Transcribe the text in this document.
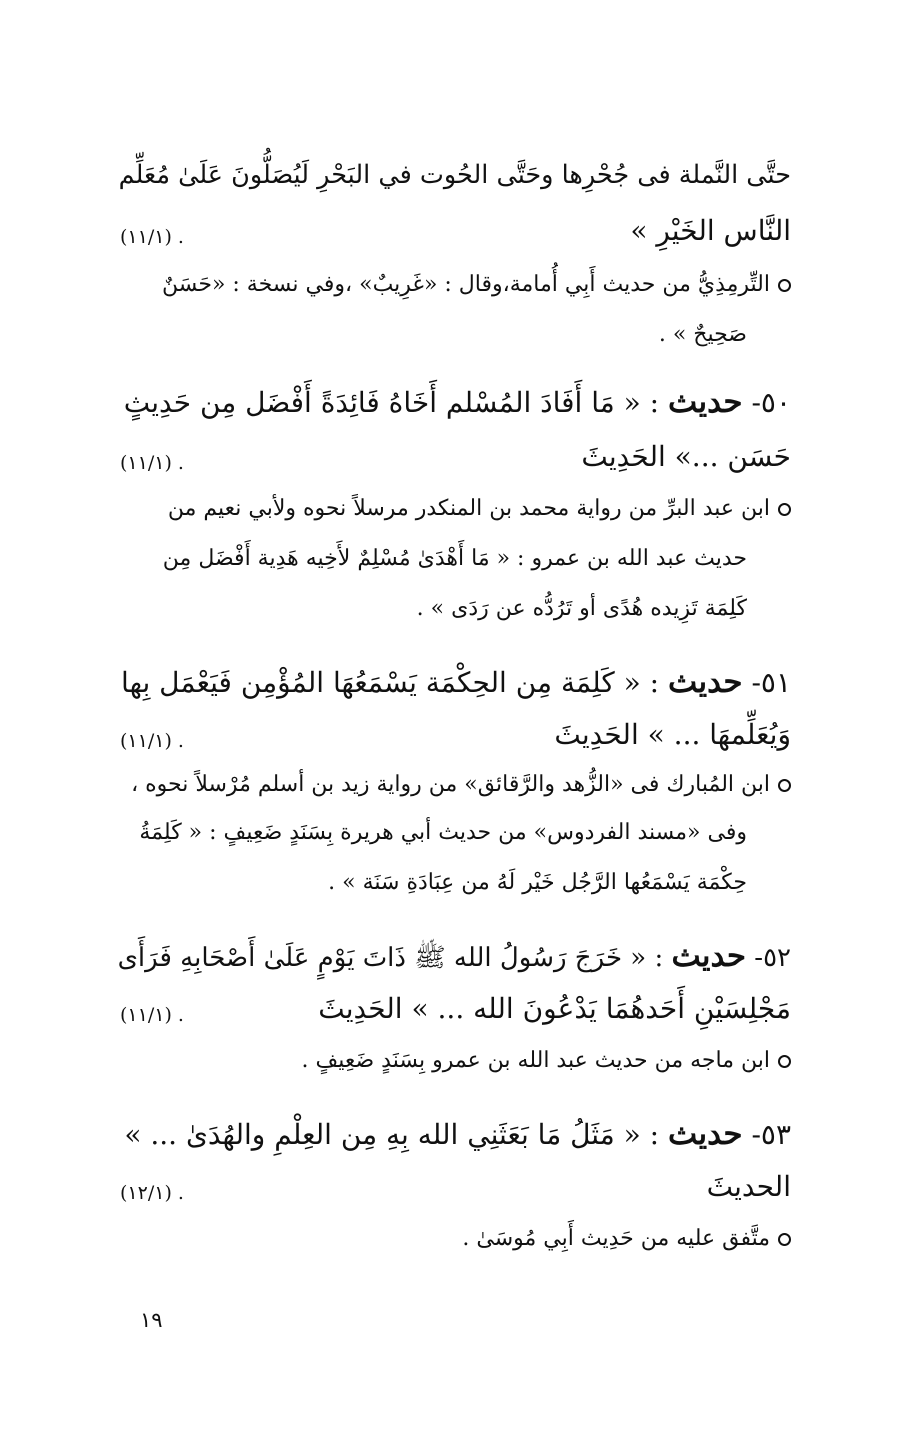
حتَّى النَّملة فى جُحْرِها وحَتَّى الحُوت في البَحْرِ لَيُصَلُّونَ عَلَىٰ مُعَلِّم
النَّاس الخَيْرِ »
(١١/١) .
التِّرمِذِيُّ من حديث أَبِي أُمامة،وقال : «غَرِيبٌ» ،وفي نسخة : «حَسَنٌ
صَحِيحٌ » .
٥٠- حديث : « مَا أَفَادَ المُسْلم أَخَاهُ فَائِدَةً أَفْضَل مِن حَدِيثٍ
حَسَن ...» الحَدِيثَ
(١١/١) .
ابن عبد البرِّ من رواية محمد بن المنكدر مرسلاً نحوه ولأبي نعيم من
حديث عبد الله بن عمرو : « مَا أَهْدَىٰ مُسْلِمٌ لأَخِيه هَدِية أَفْضَل مِن
كَلِمَة تَزِيده هُدًى أو تَرُدُّه عن رَدَى » .
٥١- حديث : « كَلِمَة مِن الحِكْمَة يَسْمَعُهَا المُؤْمِن فَيَعْمَل بِها
وَيُعَلِّمهَا ... » الحَدِيثَ
(١١/١) .
ابن المُبارك فى «الزُّهد والرَّقائق» من رواية زيد بن أسلم مُرْسلاً نحوه ،
وفى «مسند الفردوس» من حديث أبي هريرة بِسَنَدٍ ضَعِيفٍ : « كَلِمَةُ
حِكْمَة يَسْمَعُها الرَّجُل خَيْر لَهُ من عِبَادَةِ سَنَة » .
٥٢- حديث : « خَرَجَ رَسُولُ الله ﷺ ذَاتَ يَوْمٍ عَلَىٰ أَصْحَابِهِ فَرَأَى
مَجْلِسَيْنِ أَحَدهُمَا يَدْعُونَ الله ... » الحَدِيثَ
(١١/١) .
ابن ماجه من حديث عبد الله بن عمرو بِسَنَدٍ ضَعِيفٍ .
٥٣- حديث : « مَثَلُ مَا بَعَثَنِي الله بِهِ مِن العِلْمِ والهُدَىٰ ... »
الحديثَ
(١٢/١) .
متَّفق عليه من حَدِيث أَبِي مُوسَىٰ .
١٩
